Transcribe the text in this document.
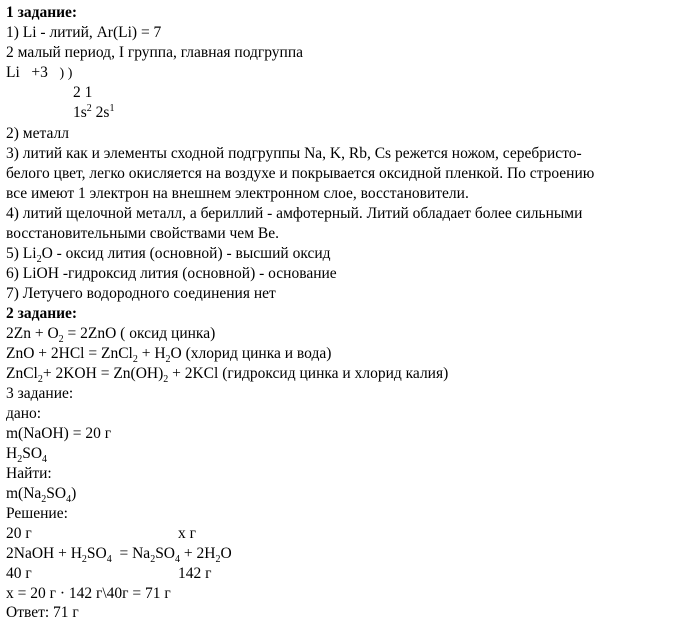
1 задание:
1) Li - литий, Ar(Li) = 7
2 малый период, I группа, главная подгруппа
Li +3 ) )
2 1
$1s^2$ $2s^1$
2) металл
3) литий как и элементы сходной подгруппы Na, K, Rb, Cs режется ножом, серебристо-
белого цвет, легко окисляется на воздухе и покрывается оксидной пленкой. По строению
все имеют 1 электрон на внешнем электронном слое, восстановители.
4) литий щелочной металл, а бериллий - амфотерный. Литий обладает более сильными
восстановительными свойствами чем Be.
5) $Li_2O$ - оксид лития (основной) - высший оксид
6) LiOH -гидроксид лития (основной) - основание
7) Летучего водородного соединения нет
2 задание:
$2Zn + O_2 = 2ZnO$ ( оксид цинка)
ZnO + 2HCl = ZnCl$_2$ + $H_2O$ (хлорид цинка и вода)
ZnCl$_2$+ $2KOH = Zn(OH)_2 + 2KCl$ (гидроксид цинка и хлорид калия)
3 задание:
дано:
m(NaOH) = 20 г
$H_2SO_4$
Найти:
$m(Na_2SO_4)$
Решение:
20 г	x г
2NaOH + $H_2SO_4 = Na_2SO_4 + 2H_2O$
40 г	142 г
x = 20 г · 142 г\40г = 71 г
Ответ: 71 г
